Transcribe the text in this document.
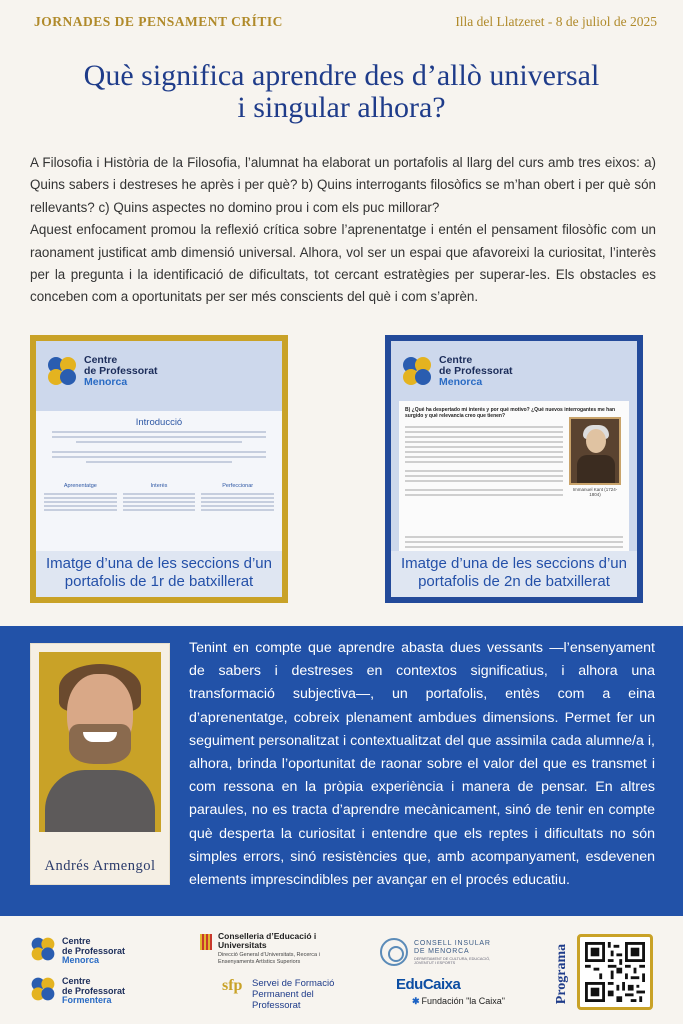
JORNADES DE PENSAMENT CRÍTIC	Illa del Llatzeret - 8 de juliol de 2025
Què significa aprendre des d’allò universal
i singular alhora?

A Filosofia i Història de la Filosofia, l’alumnat ha elaborat un portafolis al llarg del curs amb tres eixos: a) Quins sabers i destreses he après i per què? b) Quins interrogants filosòfics se m’han obert i per què són rellevants? c) Quins aspectes no domino prou i com els puc millorar?

Aquest enfocament promou la reflexió crítica sobre l’aprenentatge i entén el pensament filosòfic com un raonament justificat amb dimensió universal. Alhora, vol ser un espai que afavoreixi la curiositat, l’interès per la pregunta i la identificació de dificultats, tot cercant estratègies per superar-les. Els obstacles es conceben com a oportunitats per ser més conscients del què i com s’aprèn.

Centre
de Professorat
Menorca
Introducció
Aprenentatge	Interès	Perfeccionar
Imatge d’una de les seccions d’un
portafolis de 1r de batxillerat
Centre
de Professorat
Menorca
B) ¿Qué ha despertado mi interés y por qué motivo? ¿Qué nuevos interrogantes me han surgido y qué relevancia creo que tienen?
Immanuel Kant (1724-1804)
Imatge d’una de les seccions d’un
portafolis de 2n de batxillerat
Andrés Armengol

Tenint en compte que aprendre abasta dues vessants —l’ensenyament de sabers i destreses en contextos significatius, i alhora una transformació subjectiva—, un portafolis, entès com a eina d’aprenentatge, cobreix plenament ambdues dimensions. Permet fer un seguiment personalitzat i contextualitzat del que assimila cada alumne/a i, alhora, brinda l’oportunitat de raonar sobre el valor del que es transmet i com ressona en la pròpia experiència i manera de pensar. En altres paraules, no es tracta d’aprendre mecànicament, sinó de tenir en compte què desperta la curiositat i entendre que els reptes i dificultats no són simples errors, sinó resistències que, amb acompanyament, esdevenen elements imprescindibles per avançar en el procés educatiu.

Centre
de Professorat
Menorca
Centre
de Professorat
Formentera
Conselleria d’Educació i Universitats
Direcció General d’Universitats, Recerca i Ensenyaments Artístics Superiors
sfp	Servei de Formació Permanent del Professorat
CONSELL INSULAR DE MENORCA
DEPARTAMENT DE CULTURA, EDUCACIÓ, JOVENTUT I ESPORTS
EduCaixa
✱ Fundación "la Caixa"	Programa
